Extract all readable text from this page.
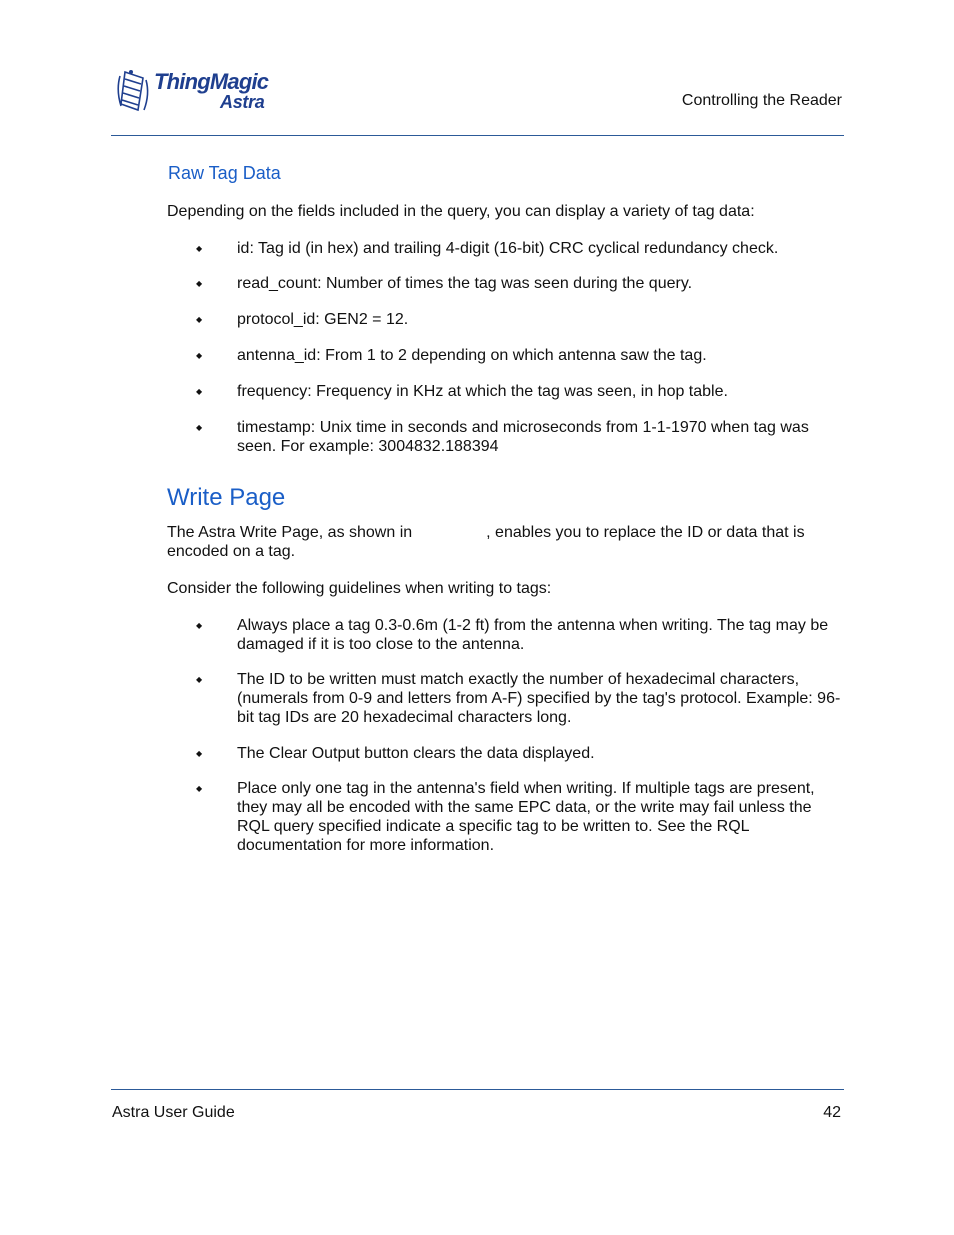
ThingMagic
Astra	Controlling the Reader
Raw Tag Data
Depending on the fields included in the query, you can display a variety of tag data:
◆ id: Tag id (in hex) and trailing 4-digit (16-bit) CRC cyclical redundancy check.
◆ read_count: Number of times the tag was seen during the query.
◆ protocol_id: GEN2 = 12.
◆ antenna_id: From 1 to 2 depending on which antenna saw the tag.
◆ frequency: Frequency in KHz at which the tag was seen, in hop table.
◆ timestamp: Unix time in seconds and microseconds from 1-1-1970 when tag was seen. For example: 3004832.188394
Write Page
The Astra Write Page, as shown in	, enables you to replace the ID or data that is encoded on a tag.
Consider the following guidelines when writing to tags:
◆ Always place a tag 0.3-0.6m (1-2 ft) from the antenna when writing. The tag may be damaged if it is too close to the antenna.
◆ The ID to be written must match exactly the number of hexadecimal characters, (numerals from 0-9 and letters from A-F) specified by the tag's protocol. Example: 96-bit tag IDs are 20 hexadecimal characters long.
◆ The Clear Output button clears the data displayed.
◆ Place only one tag in the antenna's field when writing. If multiple tags are present, they may all be encoded with the same EPC data, or the write may fail unless the RQL query specified indicate a specific tag to be written to. See the RQL documentation for more information.
Astra User Guide	42
